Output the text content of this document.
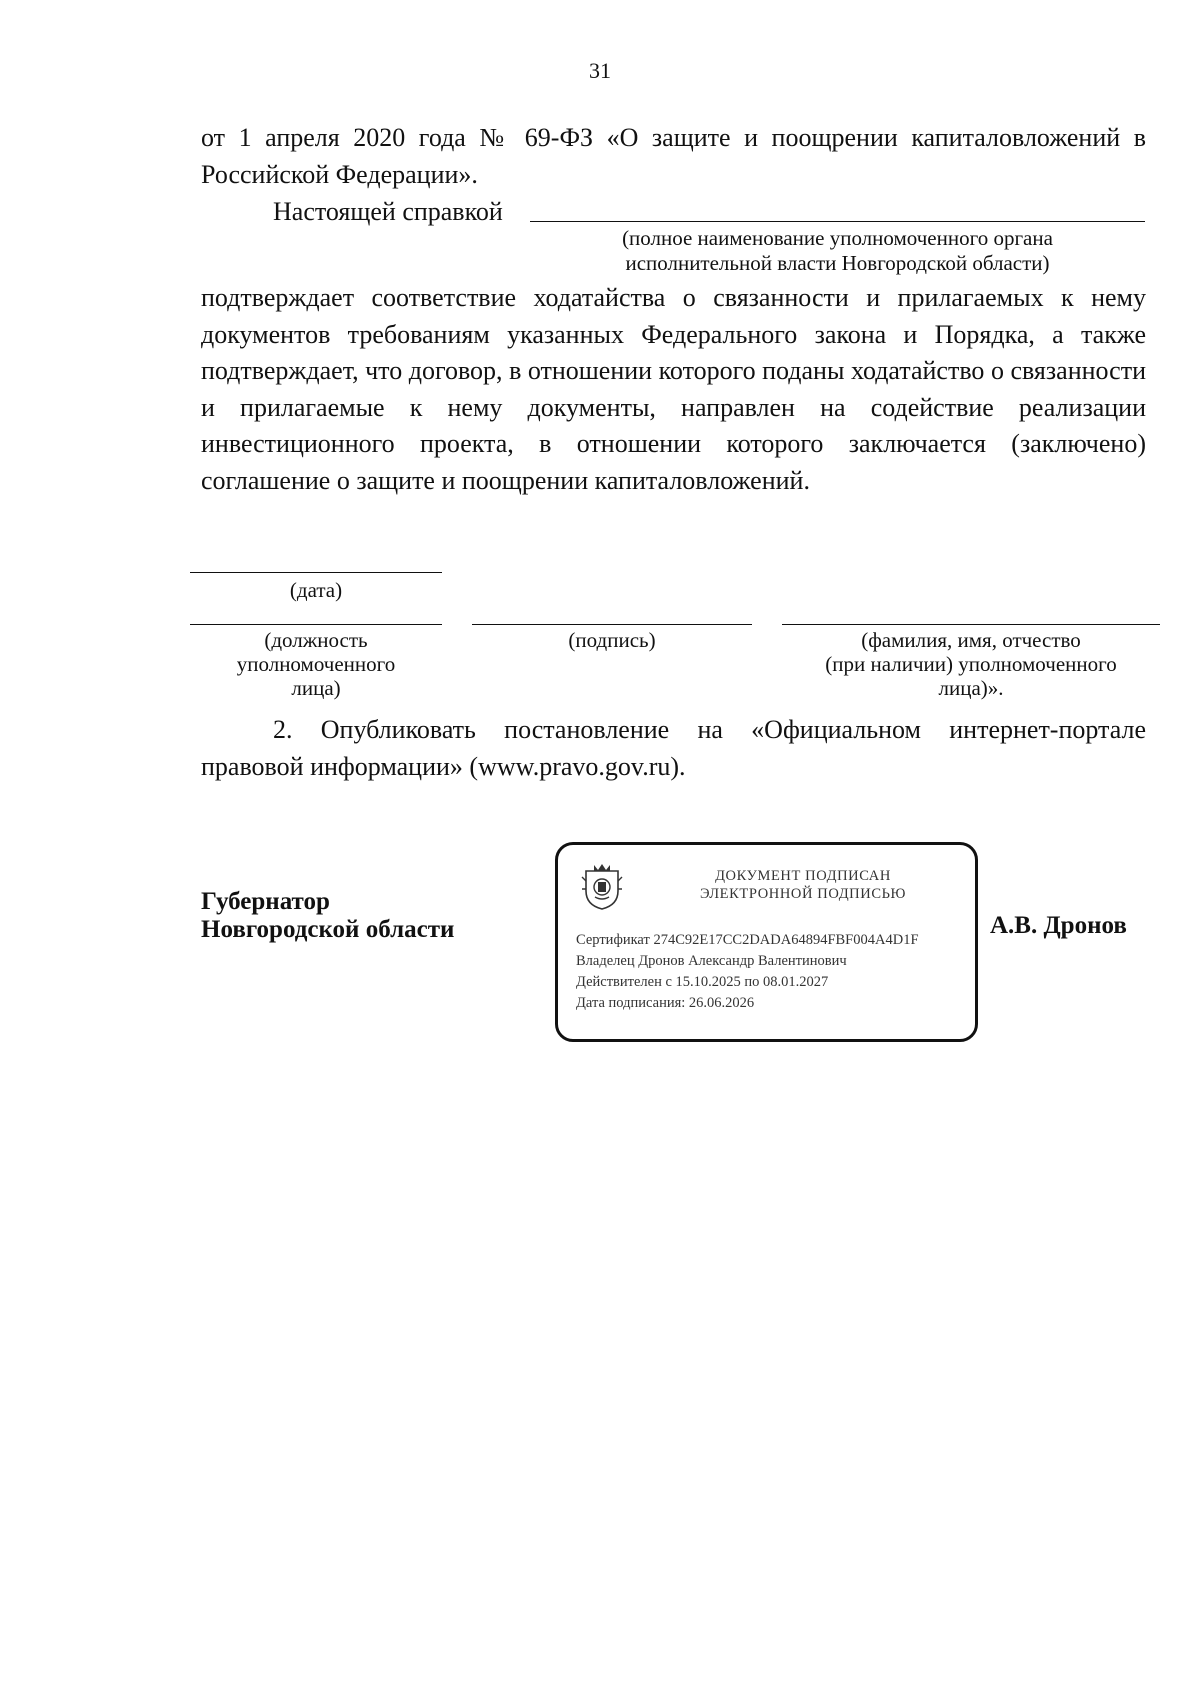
31
от 1 апреля 2020 года № 69-ФЗ «О защите и поощрении капиталовложений в Российской Федерации».
Настоящей справкой
(полное наименование уполномоченного органа
исполнительной власти Новгородской области)
подтверждает соответствие ходатайства о связанности и прилагаемых к нему документов требованиям указанных Федерального закона и Порядка, а также подтверждает, что договор, в отношении которого поданы ходатайство о связанности и прилагаемые к нему документы, направлен на содействие реализации инвестиционного проекта, в отношении которого заключается (заключено) соглашение о защите и поощрении капиталовложений.
(дата)
(должность
уполномоченного
лица)
(подпись)	(фамилия, имя, отчество
(при наличии) уполномоченного
лица)».
2. Опубликовать постановление на «Официальном интернет-портале правовой информации» (www.pravo.gov.ru).
Губернатор
Новгородской области
ДОКУМЕНТ ПОДПИСАН
ЭЛЕКТРОННОЙ ПОДПИСЬЮ
Сертификат 274C92E17CC2DADA64894FBF004A4D1F
Владелец Дронов Александр Валентинович
Действителен с 15.10.2025 по 08.01.2027
Дата подписания: 26.06.2026
А.В. Дронов
